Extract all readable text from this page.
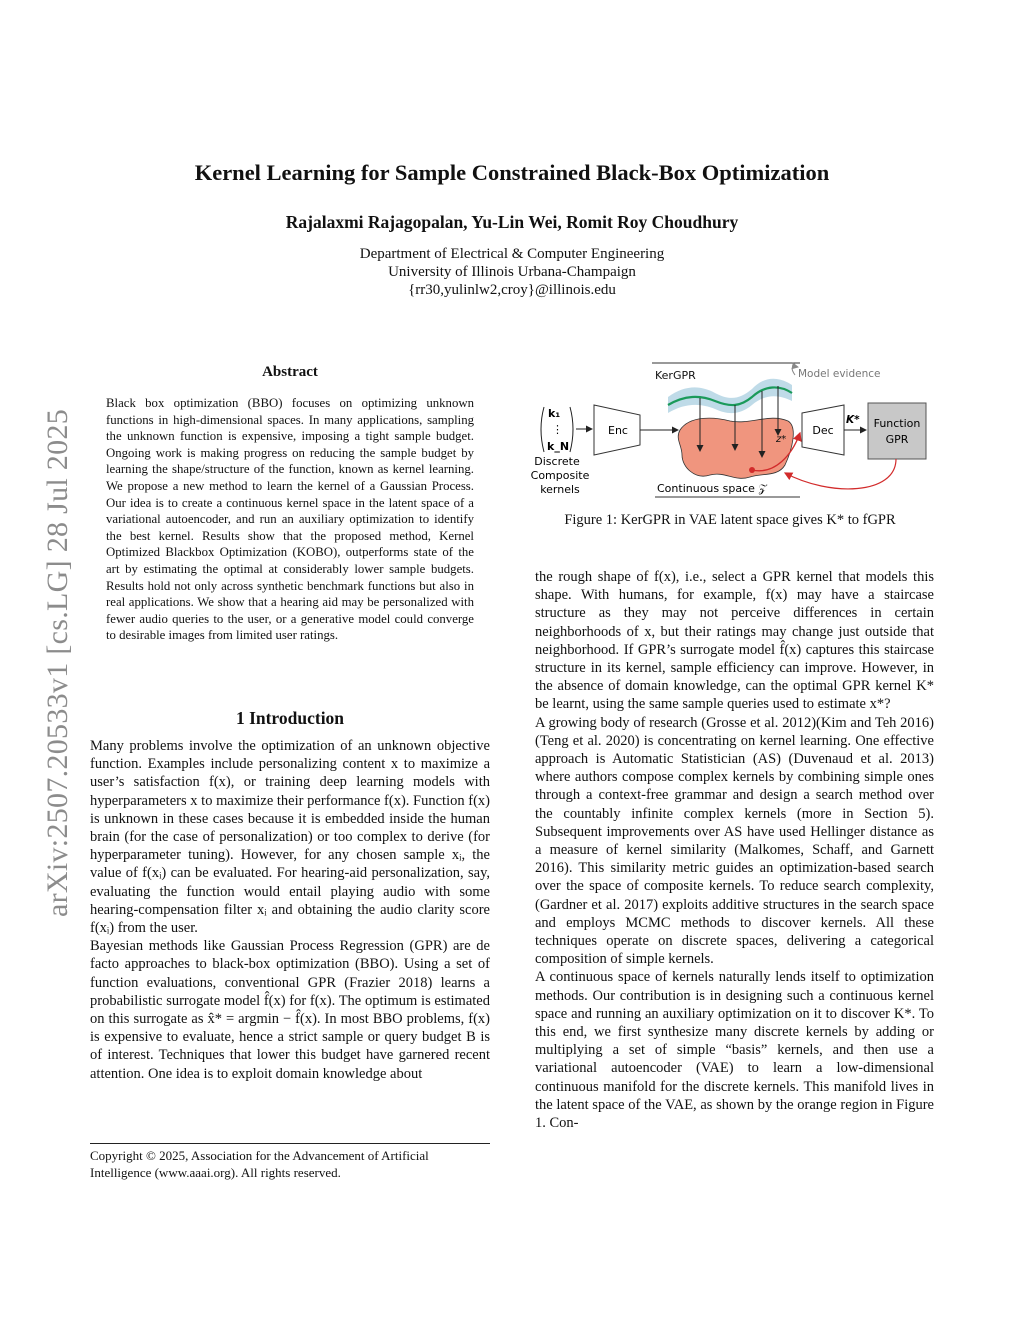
arXiv:2507.20533v1 [cs.LG] 28 Jul 2025
Kernel Learning for Sample Constrained Black-Box Optimization
Rajalaxmi Rajagopalan, Yu-Lin Wei, Romit Roy Choudhury
Department of Electrical & Computer Engineering
University of Illinois Urbana-Champaign
{rr30,yulinlw2,croy}@illinois.edu
Abstract

Black box optimization (BBO) focuses on optimizing unknown functions in high-dimensional spaces. In many applications, sampling the unknown function is expensive, imposing a tight sample budget. Ongoing work is making progress on reducing the sample budget by learning the shape/structure of the function, known as kernel learning. We propose a new method to learn the kernel of a Gaussian Process. Our idea is to create a continuous kernel space in the latent space of a variational autoencoder, and run an auxiliary optimization to identify the best kernel. Results show that the proposed method, Kernel Optimized Blackbox Optimization (KOBO), outperforms state of the art by estimating the optimal at considerably lower sample budgets. Results hold not only across synthetic benchmark functions but also in real applications. We show that a hearing aid may be personalized with fewer audio queries to the user, or a generative model could converge to desirable images from limited user ratings.

1 Introduction

Many problems involve the optimization of an unknown objective function. Examples include personalizing content x to maximize a user’s satisfaction f(x), or training deep learning models with hyperparameters x to maximize their performance f(x). Function f(x) is unknown in these cases because it is embedded inside the human brain (for the case of personalization) or too complex to derive (for hyperparameter tuning). However, for any chosen sample xᵢ, the value of f(xᵢ) can be evaluated. For hearing-aid personalization, say, evaluating the function would entail playing audio with some hearing-compensation filter xᵢ and obtaining the audio clarity score f(xᵢ) from the user.

Bayesian methods like Gaussian Process Regression (GPR) are de facto approaches to black-box optimization (BBO). Using a set of function evaluations, conventional GPR (Frazier 2018) learns a probabilistic surrogate model f̂(x) for f(x). The optimum is estimated on this surrogate as x̂* = argmin − f̂(x). In most BBO problems, f(x) is expensive to evaluate, hence a strict sample or query budget B is of interest. Techniques that lower this budget have garnered recent attention. One idea is to exploit domain knowledge about

Copyright © 2025, Association for the Advancement of Artificial Intelligence (www.aaai.org). All rights reserved.
KerGPR	Model evidence
k₁
⋮
k_N
Discrete
Composite
kernels
Enc	Dec
z*
K* Function
GPR
Continuous space 𝒵
Figure 1: KerGPR in VAE latent space gives K* to fGPR

the rough shape of f(x), i.e., select a GPR kernel that models this shape. With humans, for example, f(x) may have a staircase structure as they may not perceive differences in certain neighborhoods of x, but their ratings may change just outside that neighborhood. If GPR’s surrogate model f̂(x) captures this staircase structure in its kernel, sample efficiency can improve. However, in the absence of domain knowledge, can the optimal GPR kernel K* be learnt, using the same sample queries used to estimate x*?

A growing body of research (Grosse et al. 2012)(Kim and Teh 2016)(Teng et al. 2020) is concentrating on kernel learning. One effective approach is Automatic Statistician (AS) (Duvenaud et al. 2013) where authors compose complex kernels by combining simple ones through a context-free grammar and design a search method over the countably infinite complex kernels (more in Section 5). Subsequent improvements over AS have used Hellinger distance as a measure of kernel similarity (Malkomes, Schaff, and Garnett 2016). This similarity metric guides an optimization-based search over the space of composite kernels. To reduce search complexity, (Gardner et al. 2017) exploits additive structures in the search space and employs MCMC methods to discover kernels. All these techniques operate on discrete spaces, delivering a categorical composition of simple kernels.

A continuous space of kernels naturally lends itself to optimization methods. Our contribution is in designing such a continuous kernel space and running an auxiliary optimization on it to discover K*. To this end, we first synthesize many discrete kernels by adding or multiplying a set of simple “basis” kernels, and then use a variational autoencoder (VAE) to learn a low-dimensional continuous manifold for the discrete kernels. This manifold lives in the latent space of the VAE, as shown by the orange region in Figure 1. Con-
